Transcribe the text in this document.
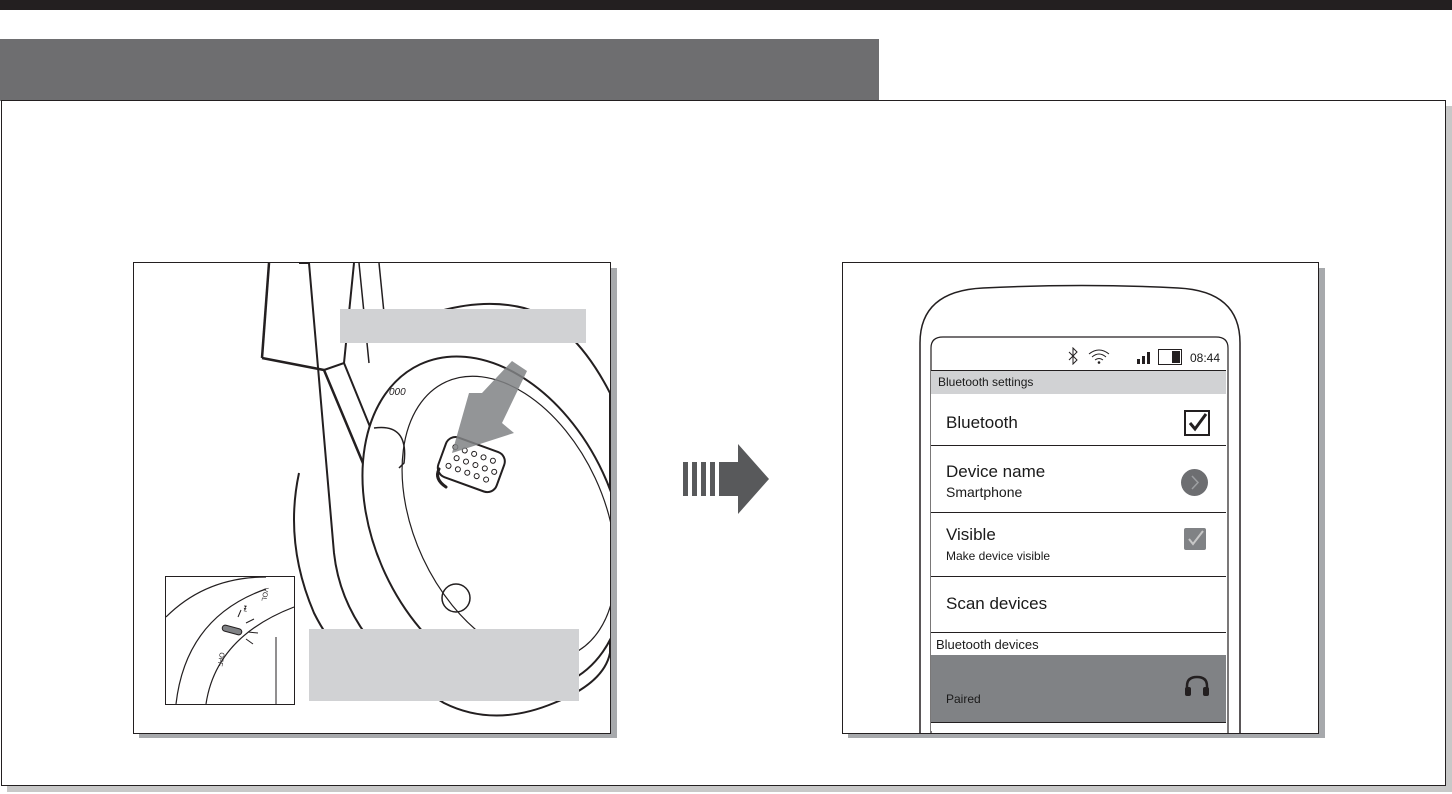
000
OFF
⏭
VOL
08:44
Bluetooth settings
Bluetooth
Device name
Smartphone
Visible
Make device visible
Scan devices
Bluetooth devices
Paired
